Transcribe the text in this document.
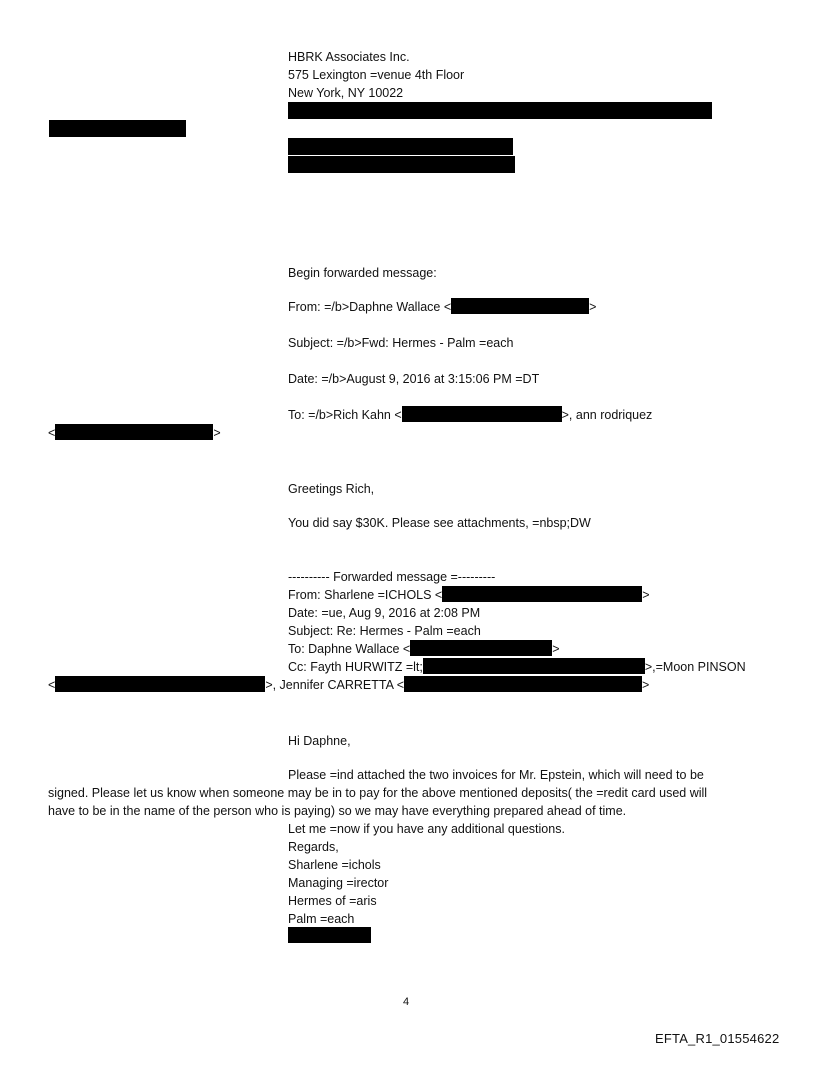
HBRK Associates Inc.
575 Lexington =venue 4th Floor
New York, NY 10022
Begin forwarded message:
From: =/b>Daphne Wallace <	>
Subject: =/b>Fwd: Hermes - Palm =each
Date: =/b>August 9, 2016 at 3:15:06 PM =DT
To: =/b>Rich Kahn <	>, ann rodriquez
<	>
Greetings Rich,
You did say $30K. Please see attachments, =nbsp;DW
---------- Forwarded message =---------
From: Sharlene =ICHOLS <	>
Date: =ue, Aug 9, 2016 at 2:08 PM
Subject: Re: Hermes - Palm =each
To: Daphne Wallace <	>
Cc: Fayth HURWITZ =lt;	>,=Moon PINSON
<	>, Jennifer CARRETTA <	>
Hi Daphne,
Please =ind attached the two invoices for Mr. Epstein, which will need to be
signed. Please let us know when someone may be in to pay for the above mentioned deposits( the =redit card used will
have to be in the name of the person who is paying) so we may have everything prepared ahead of time.
Let me =now if you have any additional questions.
Regards,
Sharlene =ichols
Managing =irector
Hermes of =aris
Palm =each
4
EFTA_R1_01554622
